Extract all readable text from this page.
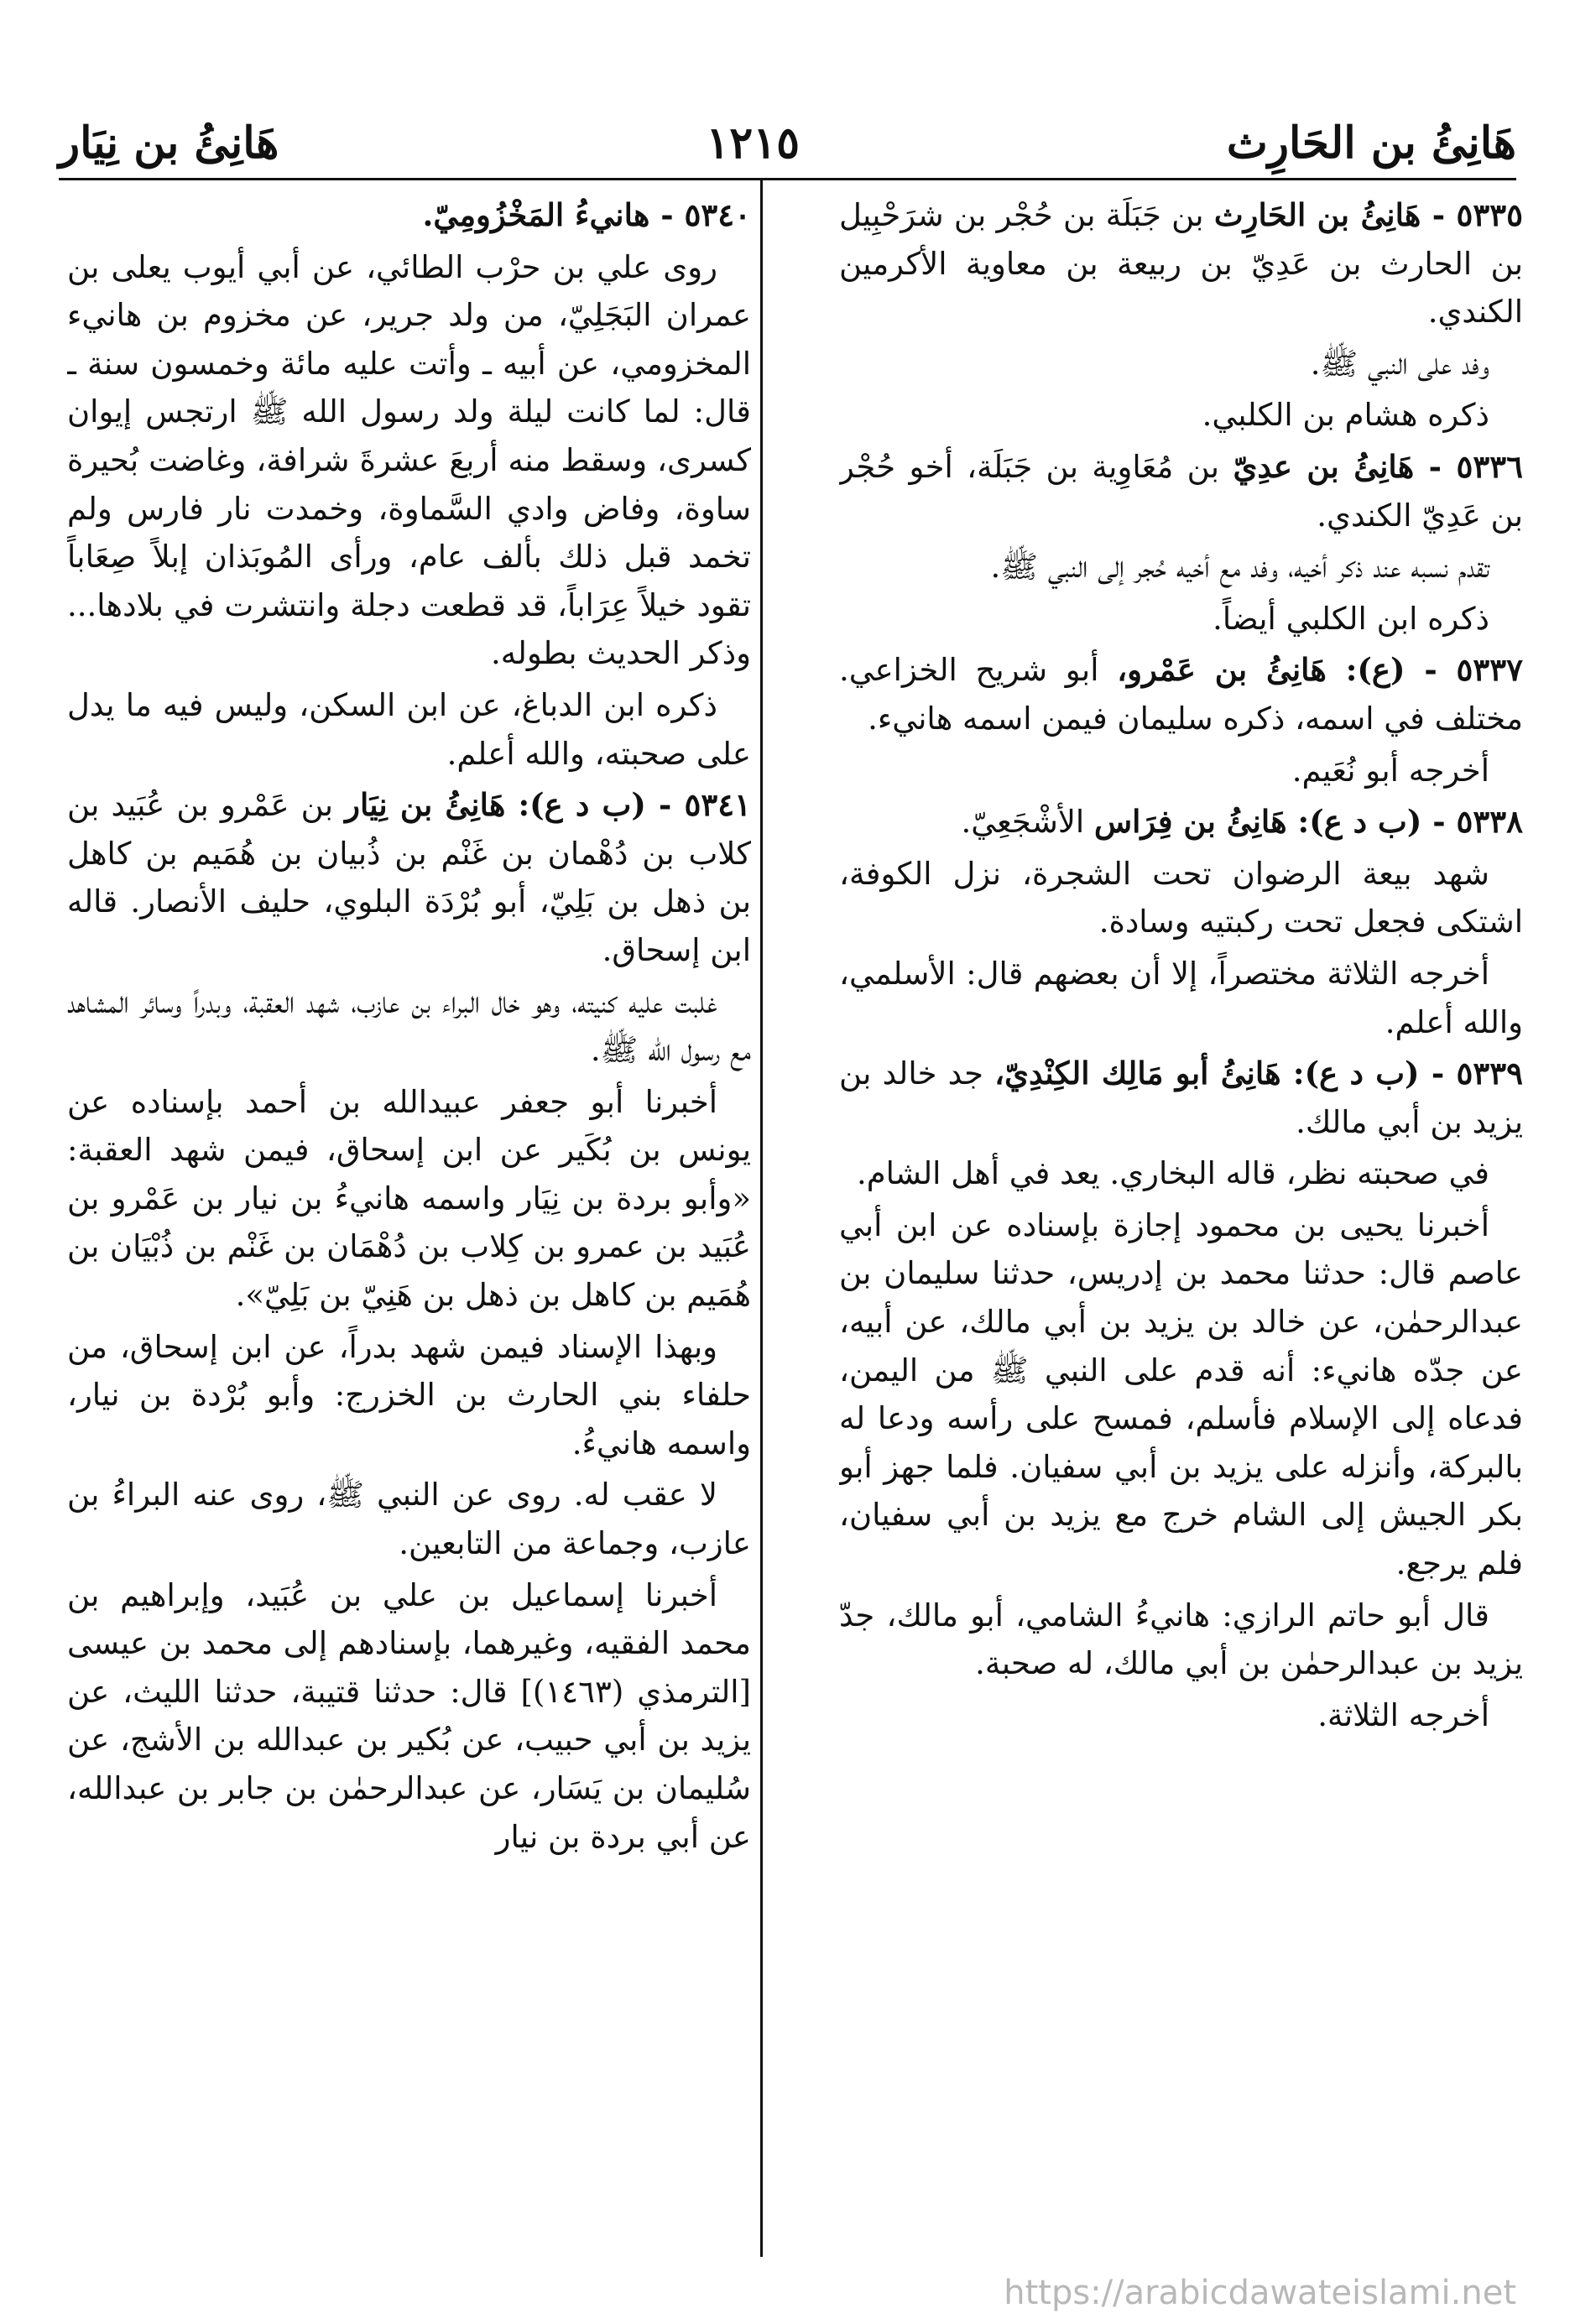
هَانِئُ بن الحَارِث
١٢١٥
هَانِئُ بن نِيَار
٥٣٣٥ - هَانِئُ بن الحَارِث بن جَبَلَة بن حُجْر بن شرَحْبِيل بن الحارث بن عَدِيّ بن ربيعة بن معاوية الأكرمين الكندي.
وفد على النبي ﷺ.
ذكره هشام بن الكلبي.
٥٣٣٦ - هَانِئُ بن عدِيّ بن مُعَاوِية بن جَبَلَة، أخو حُجْر بن عَدِيّ الكندي.
تقدم نسبه عند ذكر أخيه، وفد مع أخيه حُجر إلى النبي ﷺ.
ذكره ابن الكلبي أيضاً.
٥٣٣٧ - (ع): هَانِئُ بن عَمْرو، أبو شريح الخزاعي. مختلف في اسمه، ذكره سليمان فيمن اسمه هانيء.
أخرجه أبو نُعَيم.
٥٣٣٨ - (ب د ع): هَانِئُ بن فِرَاس الأشْجَعِيّ.
شهد بيعة الرضوان تحت الشجرة، نزل الكوفة، اشتكى فجعل تحت ركبتيه وسادة.
أخرجه الثلاثة مختصراً، إلا أن بعضهم قال: الأسلمي، والله أعلم.
٥٣٣٩ - (ب د ع): هَانِئُ أبو مَالِك الكِنْدِيّ، جد خالد بن يزيد بن أبي مالك.
في صحبته نظر، قاله البخاري. يعد في أهل الشام.
أخبرنا يحيى بن محمود إجازة بإسناده عن ابن أبي عاصم قال: حدثنا محمد بن إدريس، حدثنا سليمان بن عبدالرحمٰن، عن خالد بن يزيد بن أبي مالك، عن أبيه، عن جدّه هانيء: أنه قدم على النبي ﷺ من اليمن، فدعاه إلى الإسلام فأسلم، فمسح على رأسه ودعا له بالبركة، وأنزله على يزيد بن أبي سفيان. فلما جهز أبو بكر الجيش إلى الشام خرج مع يزيد بن أبي سفيان، فلم يرجع.
قال أبو حاتم الرازي: هانيءُ الشامي، أبو مالك، جدّ يزيد بن عبدالرحمٰن بن أبي مالك، له صحبة.
أخرجه الثلاثة.
٥٣٤٠ - هانيءُ المَخْزُومِيّ.
روى علي بن حرْب الطائي، عن أبي أيوب يعلى بن عمران البَجَلِيّ، من ولد جرير، عن مخزوم بن هانيء المخزومي، عن أبيه ـ وأتت عليه مائة وخمسون سنة ـ قال: لما كانت ليلة ولد رسول الله ﷺ ارتجس إيوان كسرى، وسقط منه أربعَ عشرةَ شرافة، وغاضت بُحيرة ساوة، وفاض وادي السَّماوة، وخمدت نار فارس ولم تخمد قبل ذلك بألف عام، ورأى المُوبَذان إبلاً صِعَاباً تقود خيلاً عِرَاباً، قد قطعت دجلة وانتشرت في بلادها... وذكر الحديث بطوله.
ذكره ابن الدباغ، عن ابن السكن، وليس فيه ما يدل على صحبته، والله أعلم.
٥٣٤١ - (ب د ع): هَانِئُ بن نِيَار بن عَمْرو بن عُبَيد بن كلاب بن دُهْمان بن غَنْم بن ذُبيان بن هُمَيم بن كاهل بن ذهل بن بَلِيّ، أبو بُرْدَة البلوي، حليف الأنصار. قاله ابن إسحاق.
غلبت عليه كنيته، وهو خال البراء بن عازب، شهد العقبة، وبدراً وسائر المشاهد مع رسول الله ﷺ.
أخبرنا أبو جعفر عبيدالله بن أحمد بإسناده عن يونس بن بُكَير عن ابن إسحاق، فيمن شهد العقبة: «وأبو بردة بن نِيَار واسمه هانيءُ بن نيار بن عَمْرو بن عُبَيد بن عمرو بن كِلاب بن دُهْمَان بن غَنْم بن ذُبْيَان بن هُمَيم بن كاهل بن ذهل بن هَنِيّ بن بَلِيّ».
وبهذا الإسناد فيمن شهد بدراً، عن ابن إسحاق، من حلفاء بني الحارث بن الخزرج: وأبو بُرْدة بن نيار، واسمه هانيءُ.
لا عقب له. روى عن النبي ﷺ، روى عنه البراءُ بن عازب، وجماعة من التابعين.
أخبرنا إسماعيل بن علي بن عُبَيد، وإبراهيم بن محمد الفقيه، وغيرهما، بإسنادهم إلى محمد بن عيسى [الترمذي (١٤٦٣)] قال: حدثنا قتيبة، حدثنا الليث، عن يزيد بن أبي حبيب، عن بُكير بن عبدالله بن الأشج، عن سُليمان بن يَسَار، عن عبدالرحمٰن بن جابر بن عبدالله، عن أبي بردة بن نيار
https://arabicdawateislami.net
